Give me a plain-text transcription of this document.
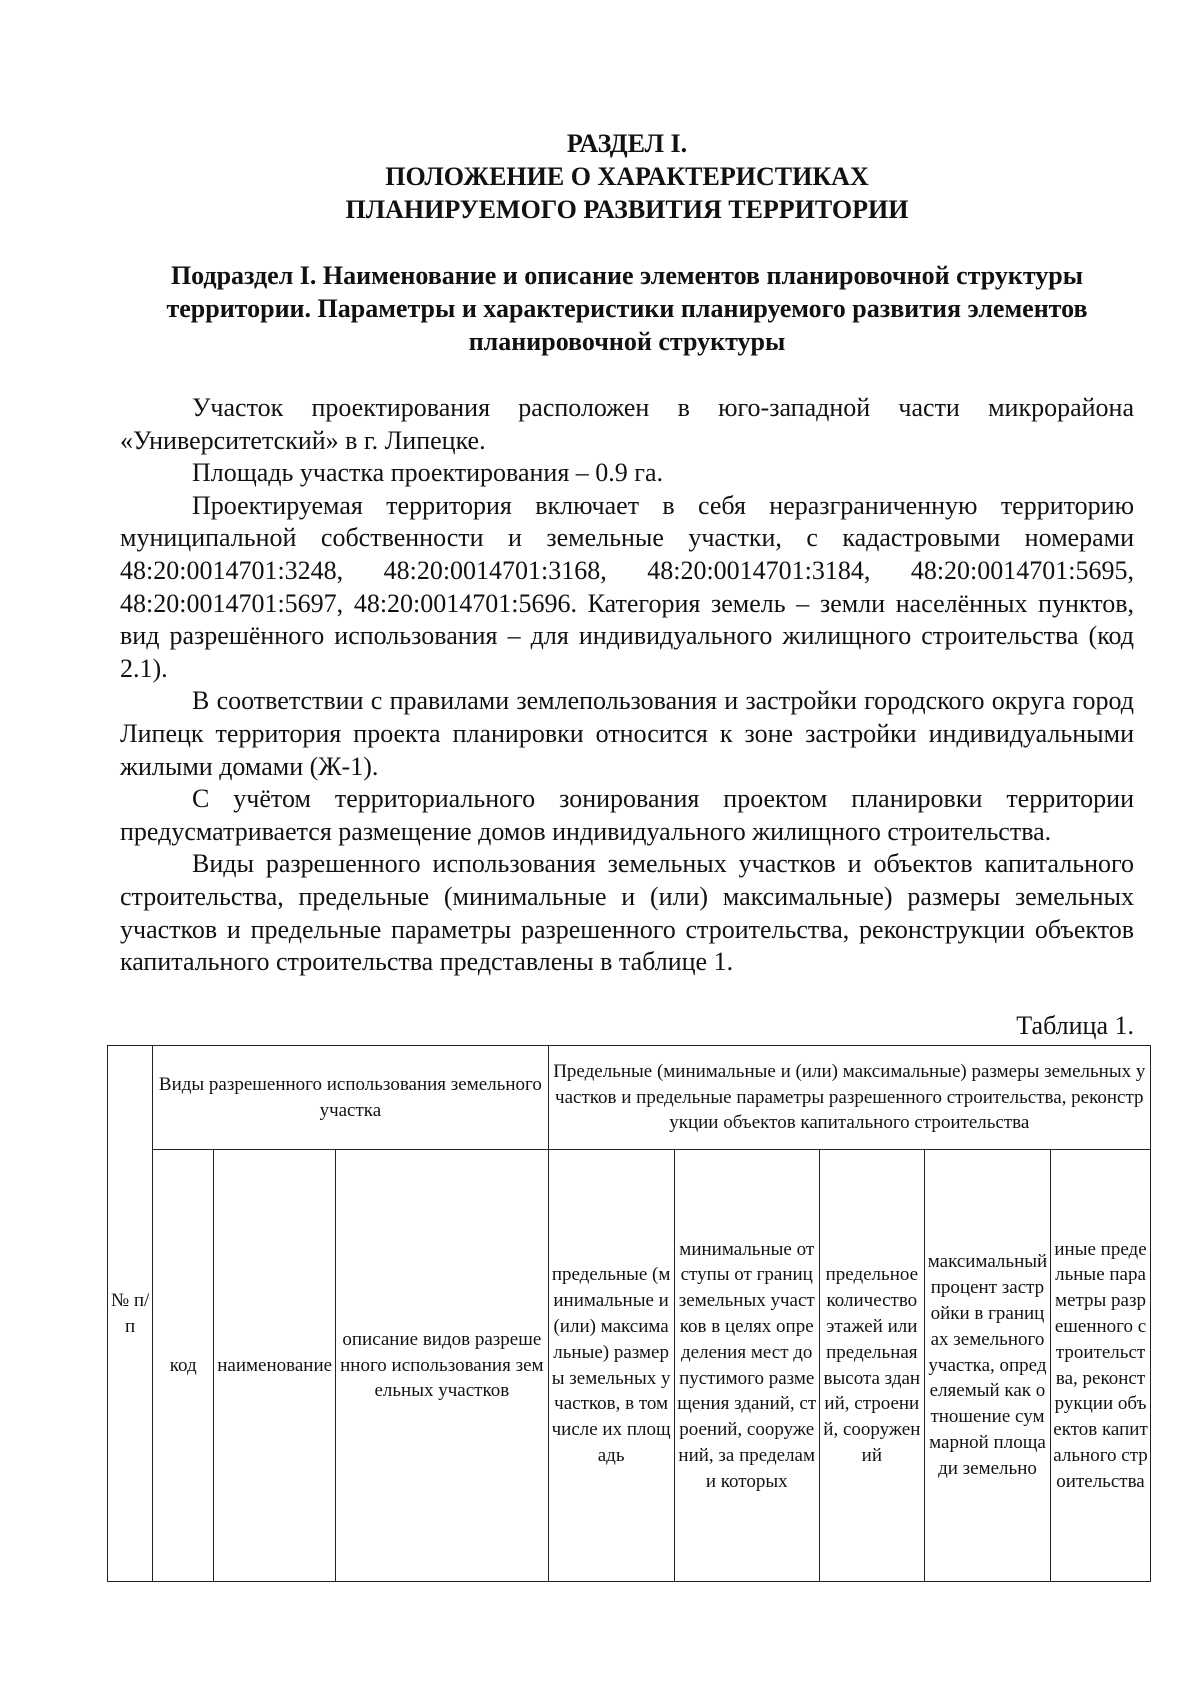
РАЗДЕЛ I.
ПОЛОЖЕНИЕ О ХАРАКТЕРИСТИКАХ
ПЛАНИРУЕМОГО РАЗВИТИЯ ТЕРРИТОРИИ
Подраздел I. Наименование и описание элементов планировочной структуры
территории. Параметры и характеристики планируемого развития элементов
планировочной структуры

Участок проектирования расположен в юго-западной части микрорайона «Университетский» в г. Липецке.

Площадь участка проектирования – 0.9 га.

Проектируемая территория включает в себя неразграниченную территорию муниципальной собственности и земельные участки, с кадастровыми номерами 48:20:0014701:3248, 48:20:0014701:3168, 48:20:0014701:3184, 48:20:0014701:5695, 48:20:0014701:5697, 48:20:0014701:5696. Категория земель – земли населённых пунктов, вид разрешённого использования – для индивидуального жилищного строительства (код 2.1).

В соответствии с правилами землепользования и застройки городского округа город Липецк территория проекта планировки относится к зоне застройки индивидуальными жилыми домами (Ж-1).

С учётом территориального зонирования проектом планировки территории предусматривается размещение домов индивидуального жилищного строительства.

Виды разрешенного использования земельных участков и объектов капитального строительства, предельные (минимальные и (или) максимальные) размеры земельных участков и предельные параметры разрешенного строительства, реконструкции объектов капитального строительства представлены в таблице 1.

Таблица 1.
№ п/п	Виды разрешенного использования земельного участка			Предельные (минимальные и (или) максимальные) размеры земельных участков и предельные параметры разрешенного строительства, реконструкции объектов капитального строительства				
	код	наименование	описание видов разрешенного использования земельных участков	предельные (минимальные и (или) максимальные) размеры земельных участков, в том числе их площадь	минимальные отступы от границ земельных участков в целях определения мест допустимого размещения зданий, строений, сооружений, за пределами которых	предельное количество этажей или предельная высота зданий, строений, сооружений	максимальный процент застройки в границах земельного участка, определяемый как отношение суммарной площади земельно	иные предельные параметры разрешенного строительства, реконструкции объектов капитального строительства
